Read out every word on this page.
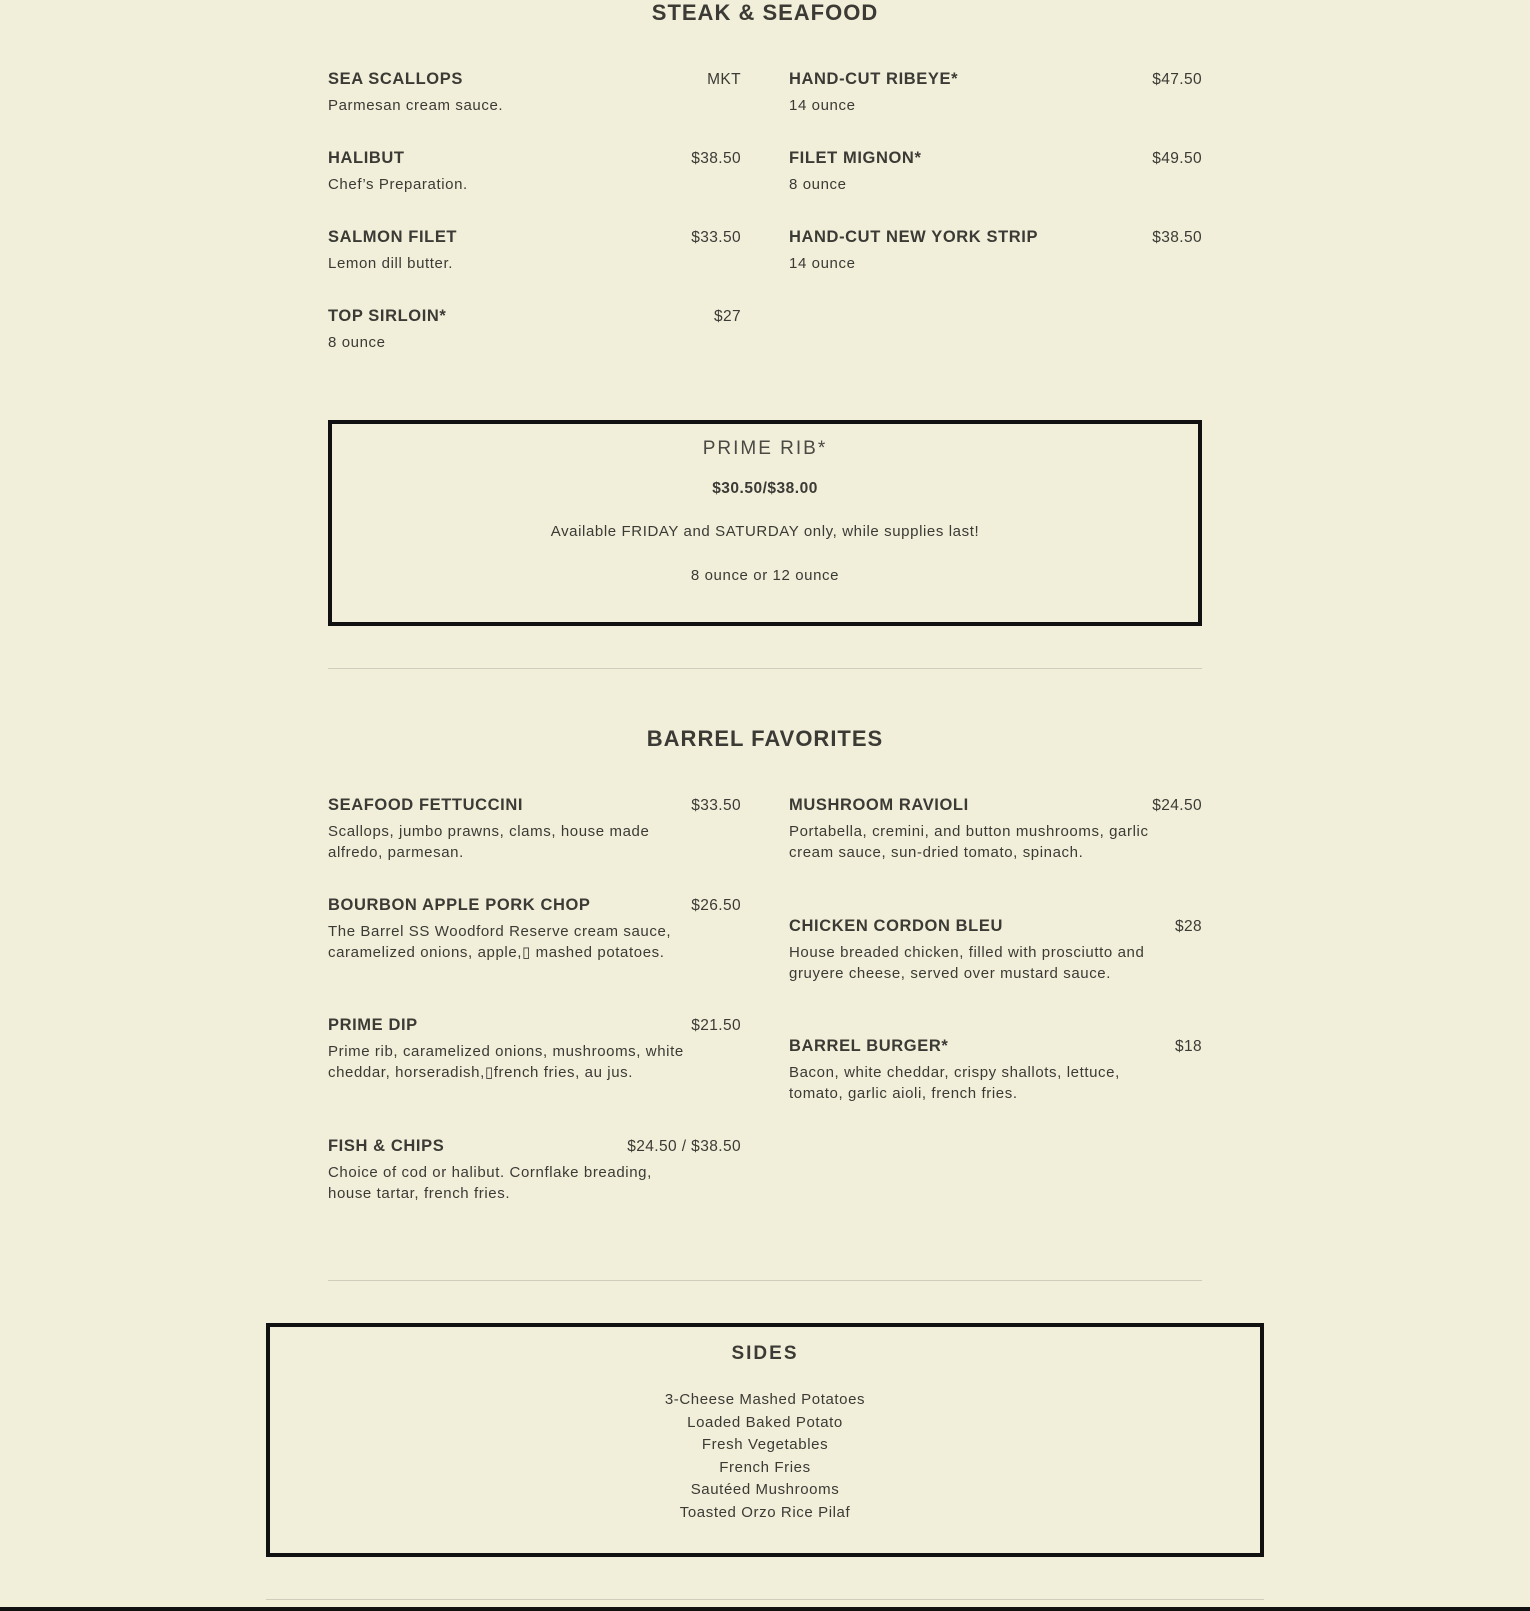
STEAK & SEAFOOD
SEA SCALLOPS	MKT
Parmesan cream sauce.
HALIBUT	$38.50
Chef’s Preparation.
SALMON FILET	$33.50
Lemon dill butter.
TOP SIRLOIN*	$27
8 ounce
HAND-CUT RIBEYE*	$47.50
14 ounce
FILET MIGNON*	$49.50
8 ounce
HAND-CUT NEW YORK STRIP	$38.50
14 ounce
PRIME RIB*
$30.50/$38.00
Available FRIDAY and SATURDAY only, while supplies last!
8 ounce or 12 ounce
BARREL FAVORITES
SEAFOOD FETTUCCINI	$33.50
Scallops, jumbo prawns, clams, house made alfredo, parmesan.
BOURBON APPLE PORK CHOP	$26.50
The Barrel SS Woodford Reserve cream sauce, caramelized onions, apple,▯ mashed potatoes.
PRIME DIP	$21.50
Prime rib, caramelized onions, mushrooms, white cheddar, horseradish,▯french fries, au jus.
FISH & CHIPS	$24.50 / $38.50
Choice of cod or halibut. Cornflake breading, house tartar, french fries.
MUSHROOM RAVIOLI	$24.50
Portabella, cremini, and button mushrooms, garlic cream sauce, sun-dried tomato, spinach.
CHICKEN CORDON BLEU	$28
House breaded chicken, filled with prosciutto and gruyere cheese, served over mustard sauce.
BARREL BURGER*	$18
Bacon, white cheddar, crispy shallots, lettuce, tomato, garlic aioli, french fries.
SIDES
3-Cheese Mashed Potatoes
Loaded Baked Potato
Fresh Vegetables
French Fries
Sautéed Mushrooms
Toasted Orzo Rice Pilaf
